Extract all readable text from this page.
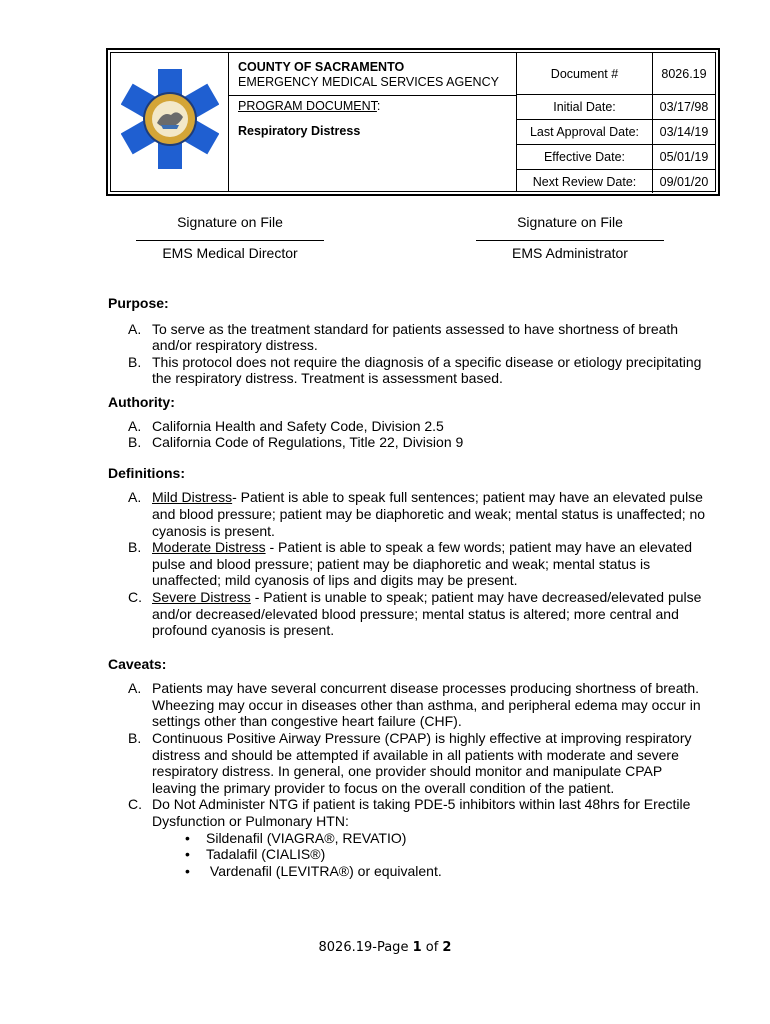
COUNTY OF SACRAMENTO
EMERGENCY MEDICAL SERVICES AGENCY
PROGRAM DOCUMENT:
Respiratory Distress
Document #	8026.19
Initial Date:	03/17/98
Last Approval Date:	03/14/19
Effective Date:	05/01/19
Next Review Date:	09/01/20
Signature on File
EMS Medical Director
Signature on File
EMS Administrator

Purpose:

A. To serve as the treatment standard for patients assessed to have shortness of breath and/or respiratory distress.
B. This protocol does not require the diagnosis of a specific disease or etiology precipitating the respiratory distress. Treatment is assessment based.

Authority:

A. California Health and Safety Code, Division 2.5
B. California Code of Regulations, Title 22, Division 9

Definitions:

A. Mild Distress- Patient is able to speak full sentences; patient may have an elevated pulse and blood pressure; patient may be diaphoretic and weak; mental status is unaffected; no cyanosis is present.
B. Moderate Distress - Patient is able to speak a few words; patient may have an elevated pulse and blood pressure; patient may be diaphoretic and weak; mental status is unaffected; mild cyanosis of lips and digits may be present.
C. Severe Distress - Patient is unable to speak; patient may have decreased/elevated pulse and/or decreased/elevated blood pressure; mental status is altered; more central and profound cyanosis is present.

Caveats:

A. Patients may have several concurrent disease processes producing shortness of breath. Wheezing may occur in diseases other than asthma, and peripheral edema may occur in settings other than congestive heart failure (CHF).
B. Continuous Positive Airway Pressure (CPAP) is highly effective at improving respiratory distress and should be attempted if available in all patients with moderate and severe respiratory distress. In general, one provider should monitor and manipulate CPAP leaving the primary provider to focus on the overall condition of the patient.
C. Do Not Administer NTG if patient is taking PDE-5 inhibitors within last 48hrs for Erectile Dysfunction or Pulmonary HTN:
• Sildenafil (VIAGRA®, REVATIO)
• Tadalafil (CIALIS®)
• Vardenafil (LEVITRA®) or equivalent.
8026.19-Page 1 of 2
